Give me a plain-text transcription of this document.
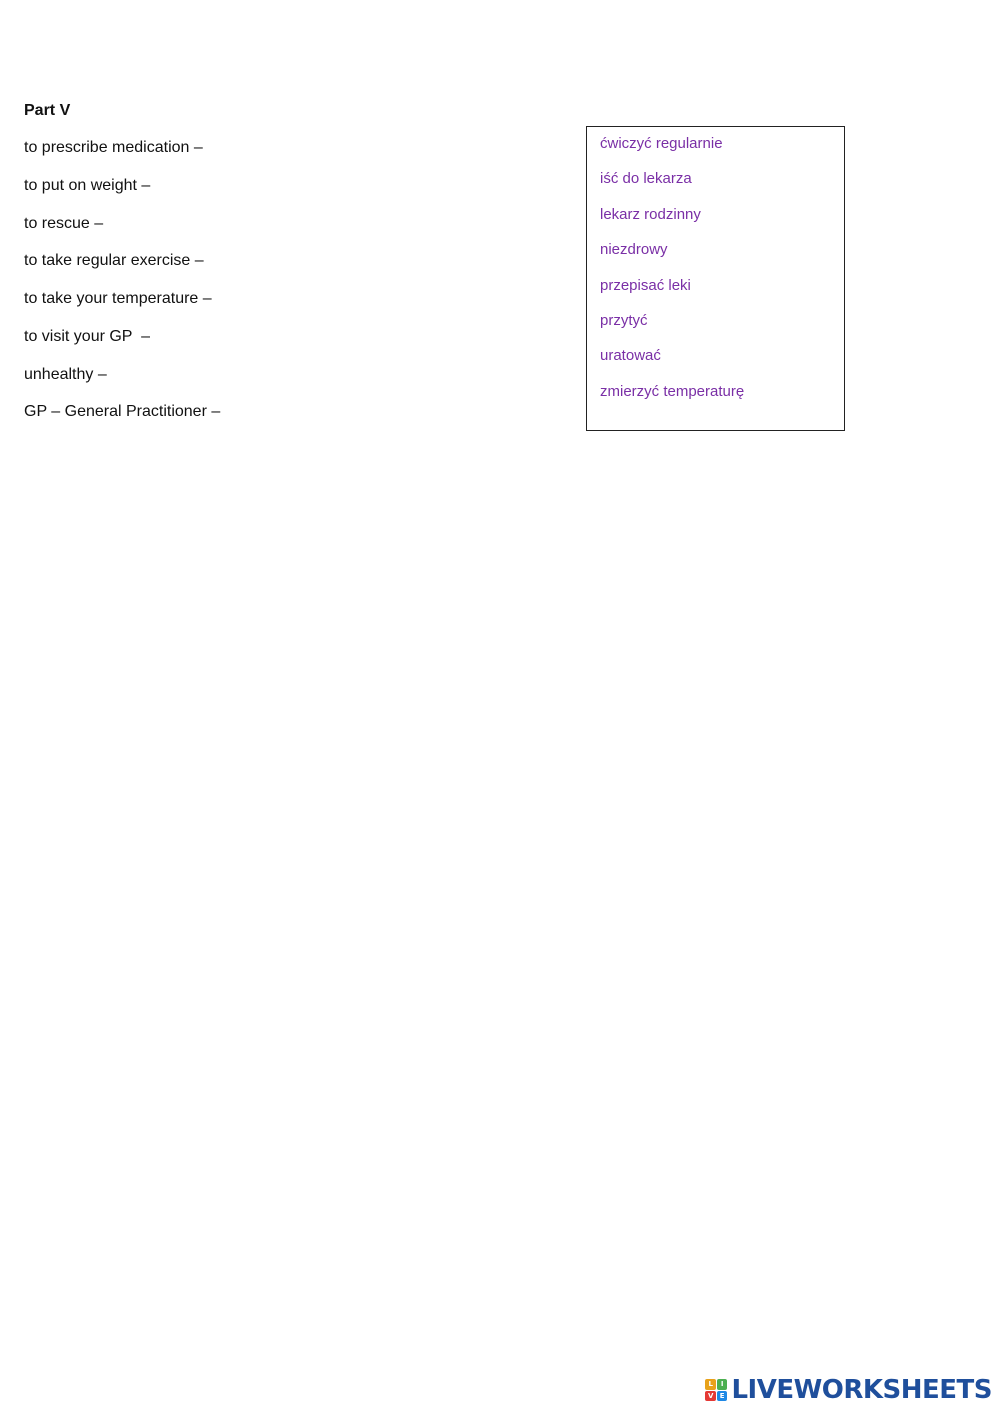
Part V
to prescribe medication –
to put on weight –
to rescue –
to take regular exercise –
to take your temperature –
to visit your GP  –
unhealthy –
GP – General Practitioner –
ćwiczyć regularnie
iść do lekarza
lekarz rodzinny
niezdrowy
przepisać leki
przytyć
uratować
zmierzyć temperaturę
L	I
V E LIVEWORKSHEETS
